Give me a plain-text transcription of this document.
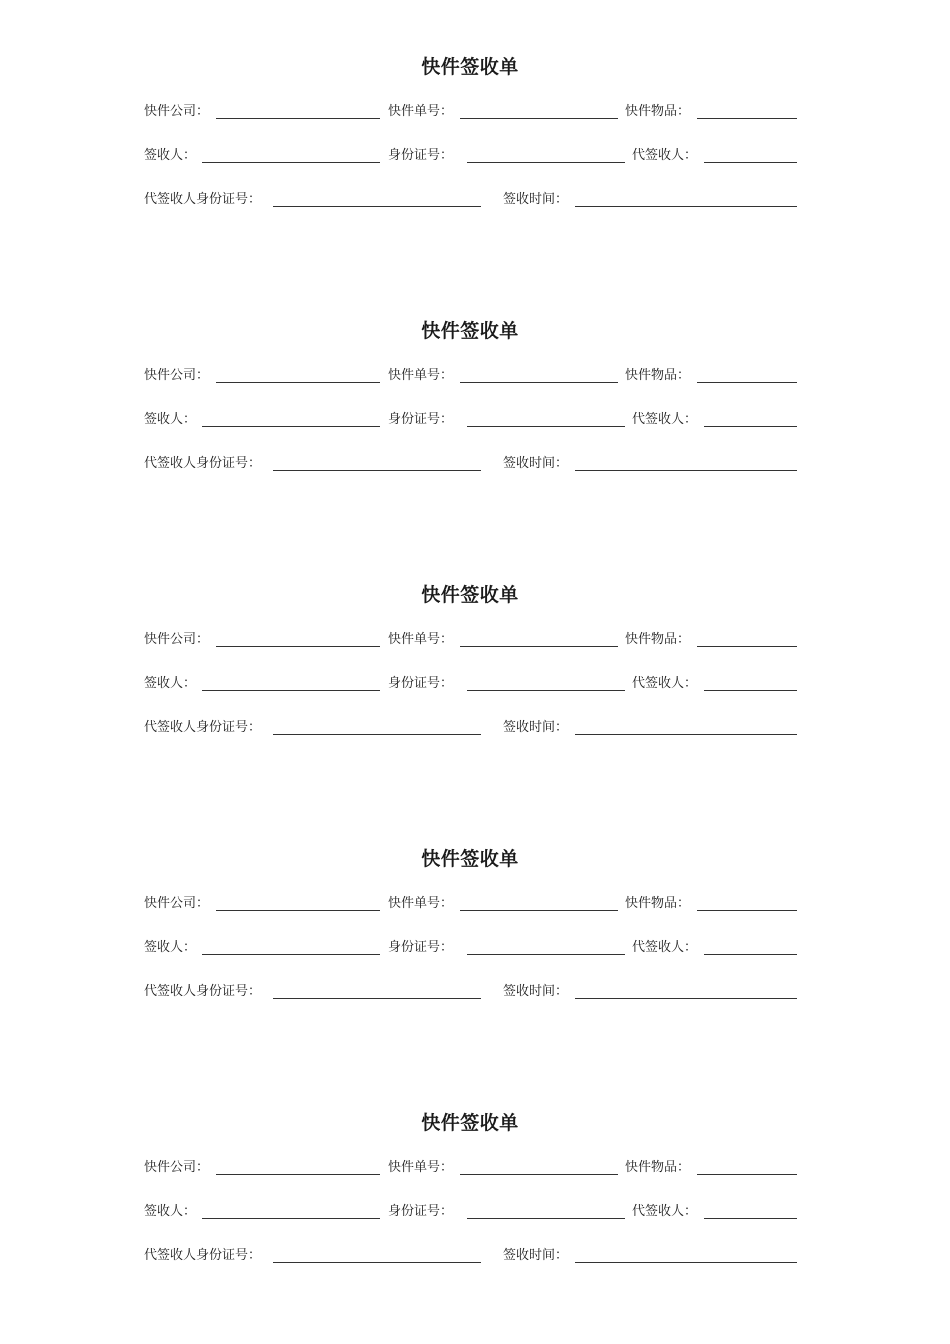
快件签收单
快件公司：	快件单号：	快件物品：
签收人：	身份证号：	代签收人：
代签收人身份证号：	签收时间：
快件签收单
快件公司：	快件单号：	快件物品：
签收人：	身份证号：	代签收人：
代签收人身份证号：	签收时间：
快件签收单
快件公司：	快件单号：	快件物品：
签收人：	身份证号：	代签收人：
代签收人身份证号：	签收时间：
快件签收单
快件公司：	快件单号：	快件物品：
签收人：	身份证号：	代签收人：
代签收人身份证号：	签收时间：
快件签收单
快件公司：	快件单号：	快件物品：
签收人：	身份证号：	代签收人：
代签收人身份证号：	签收时间：
